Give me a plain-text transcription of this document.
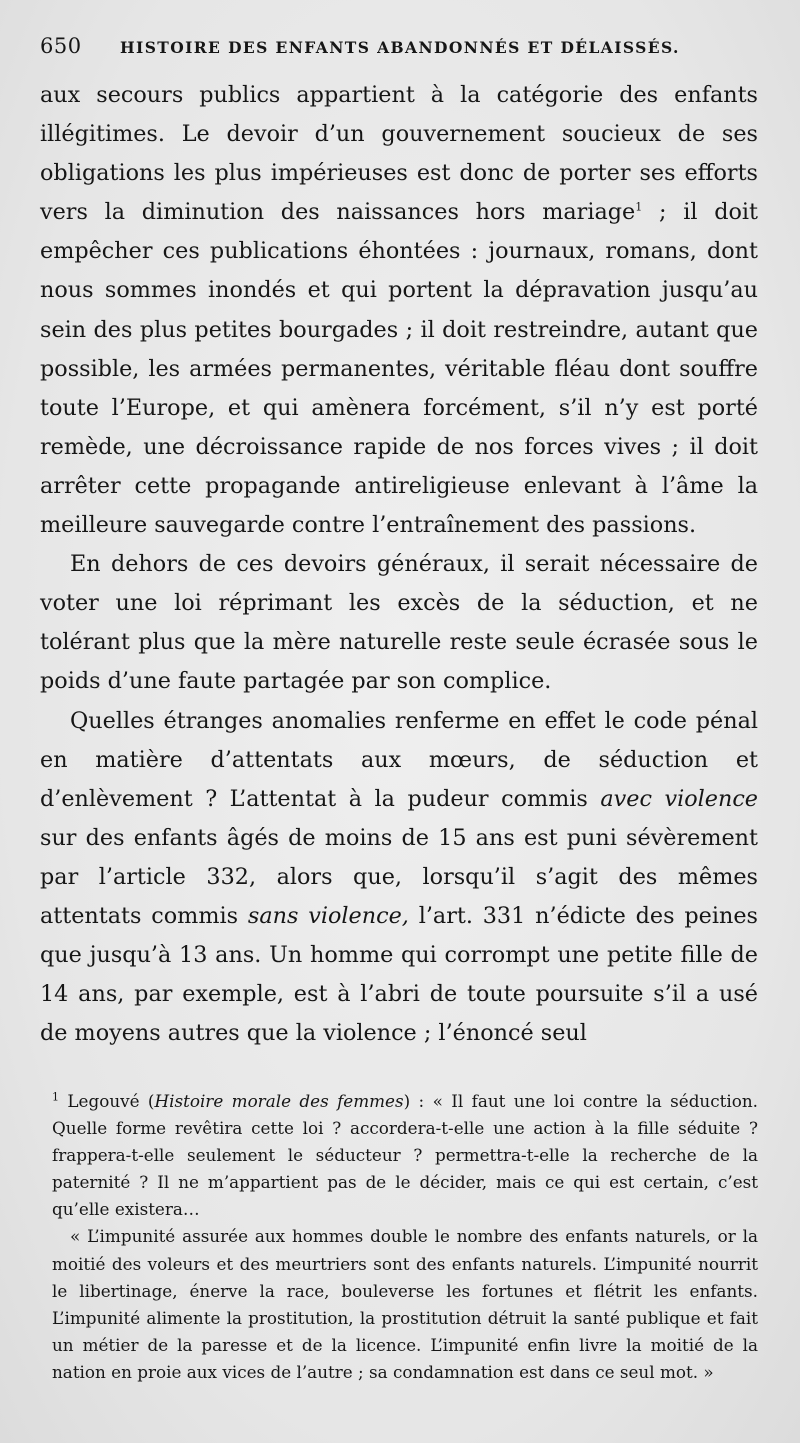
650	HISTOIRE DES ENFANTS ABANDONNÉS ET DÉLAISSÉS.

aux secours publics appartient à la catégorie des enfants illégitimes. Le devoir d’un gouvernement soucieux de ses obligations les plus impérieuses est donc de porter ses efforts vers la diminution des naissances hors mariage$^1$ ; il doit empêcher ces publications éhontées : journaux, romans, dont nous sommes inondés et qui portent la dépravation jusqu’au sein des plus petites bourgades ; il doit restreindre, autant que possible, les armées permanentes, véritable fléau dont souffre toute l’Europe, et qui amènera forcément, s’il n’y est porté remède, une décroissance rapide de nos forces vives ; il doit arrêter cette propagande antireligieuse enlevant à l’âme la meilleure sauvegarde contre l’entraînement des passions.

En dehors de ces devoirs généraux, il serait nécessaire de voter une loi réprimant les excès de la séduction, et ne tolérant plus que la mère naturelle reste seule écrasée sous le poids d’une faute partagée par son complice.

Quelles étranges anomalies renferme en effet le code pénal en matière d’attentats aux mœurs, de séduction et d’enlèvement ? L’attentat à la pudeur commis avec violence sur des enfants âgés de moins de 15 ans est puni sévèrement par l’article 332, alors que, lorsqu’il s’agit des mêmes attentats commis sans violence, l’art. 331 n’édicte des peines que jusqu’à 13 ans. Un homme qui corrompt une petite fille de 14 ans, par exemple, est à l’abri de toute poursuite s’il a usé de moyens autres que la violence ; l’énoncé seul

$^1$ Legouvé (Histoire morale des femmes) : « Il faut une loi contre la séduction. Quelle forme revêtira cette loi ? accordera-t-elle une action à la fille séduite ? frappera-t-elle seulement le séducteur ? permettra-t-elle la recherche de la paternité ? Il ne m’appartient pas de le décider, mais ce qui est certain, c’est qu’elle existera…

« L’impunité assurée aux hommes double le nombre des enfants naturels, or la moitié des voleurs et des meurtriers sont des enfants naturels. L’impunité nourrit le libertinage, énerve la race, bouleverse les fortunes et flétrit les enfants. L’impunité alimente la prostitution, la prostitution détruit la santé publique et fait un métier de la paresse et de la licence. L’impunité enfin livre la moitié de la nation en proie aux vices de l’autre ; sa condamnation est dans ce seul mot. »
